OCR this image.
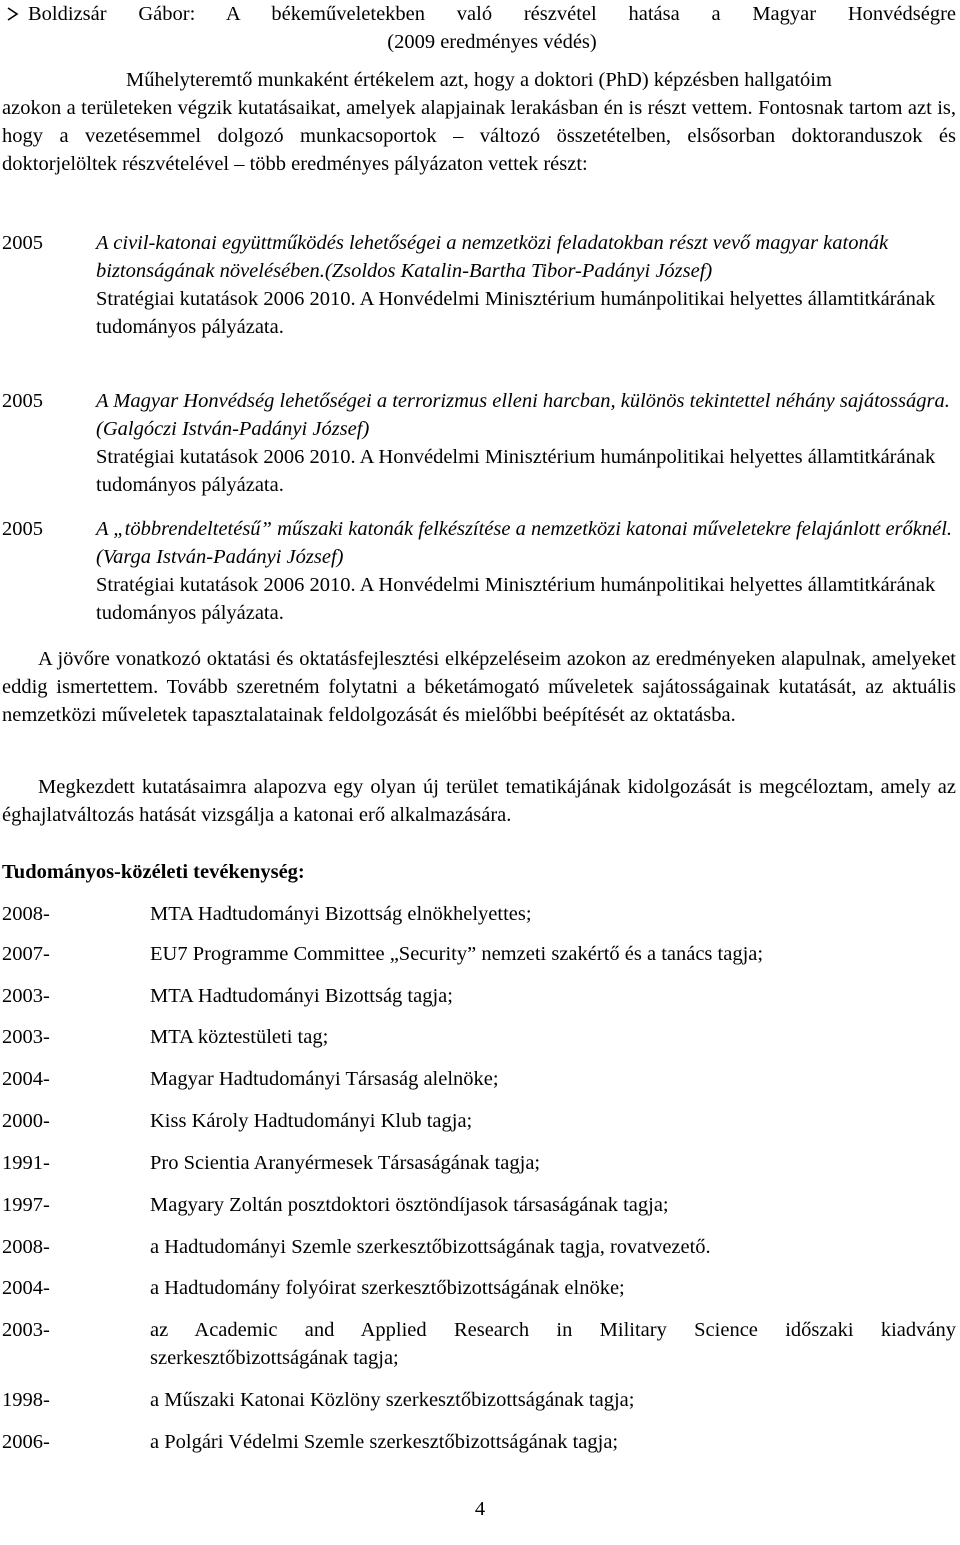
Boldizsár Gábor: A békeműveletekben való részvétel hatása a Magyar Honvédségre
(2009 eredményes védés)
Műhelyteremtő munkaként értékelem azt, hogy a doktori (PhD) képzésben hallgatóim
azokon a területeken végzik kutatásaikat, amelyek alapjainak lerakásban én is részt vettem. Fontosnak tartom azt is, hogy a vezetésemmel dolgozó munkacsoportok – változó összetételben, elsősorban doktoranduszok és doktorjelöltek részvételével – több eredményes pályázaton vettek részt:
2005	A civil-katonai együttműködés lehetőségei a nemzetközi feladatokban részt vevő magyar katonák biztonságának növelésében.(Zsoldos Katalin-Bartha Tibor-Padányi József)
Stratégiai kutatások 2006 2010. A Honvédelmi Minisztérium humánpolitikai helyettes államtitkárának tudományos pályázata.
2005	A Magyar Honvédség lehetőségei a terrorizmus elleni harcban, különös tekintettel néhány sajátosságra.(Galgóczi István-Padányi József)
Stratégiai kutatások 2006 2010. A Honvédelmi Minisztérium humánpolitikai helyettes államtitkárának tudományos pályázata.
2005	A „többrendeltetésű” műszaki katonák felkészítése a nemzetközi katonai műveletekre felajánlott erőknél. (Varga István-Padányi József)
Stratégiai kutatások 2006 2010. A Honvédelmi Minisztérium humánpolitikai helyettes államtitkárának tudományos pályázata.
A jövőre vonatkozó oktatási és oktatásfejlesztési elképzeléseim azokon az eredményeken alapulnak, amelyeket eddig ismertettem. Tovább szeretném folytatni a béketámogató műveletek sajátosságainak kutatását, az aktuális nemzetközi műveletek tapasztalatainak feldolgozását és mielőbbi beépítését az oktatásba.
Megkezdett kutatásaimra alapozva egy olyan új terület tematikájának kidolgozását is megcéloztam, amely az éghajlatváltozás hatását vizsgálja a katonai erő alkalmazására.
Tudományos-közéleti tevékenység:
2008-	MTA Hadtudományi Bizottság elnökhelyettes;
2007-	EU7 Programme Committee „Security” nemzeti szakértő és a tanács tagja;
2003-	MTA Hadtudományi Bizottság tagja;
2003-	MTA köztestületi tag;
2004-	Magyar Hadtudományi Társaság alelnöke;
2000-	Kiss Károly Hadtudományi Klub tagja;
1991-	Pro Scientia Aranyérmesek Társaságának tagja;
1997-	Magyary Zoltán posztdoktori ösztöndíjasok társaságának tagja;
2008-	a Hadtudományi Szemle szerkesztőbizottságának tagja, rovatvezető.
2004-	a Hadtudomány folyóirat szerkesztőbizottságának elnöke;
2003-	az Academic and Applied Research in Military Science időszaki kiadvány szerkesztőbizottságának tagja;
1998-	a Műszaki Katonai Közlöny szerkesztőbizottságának tagja;
2006-	a Polgári Védelmi Szemle szerkesztőbizottságának tagja;
4
